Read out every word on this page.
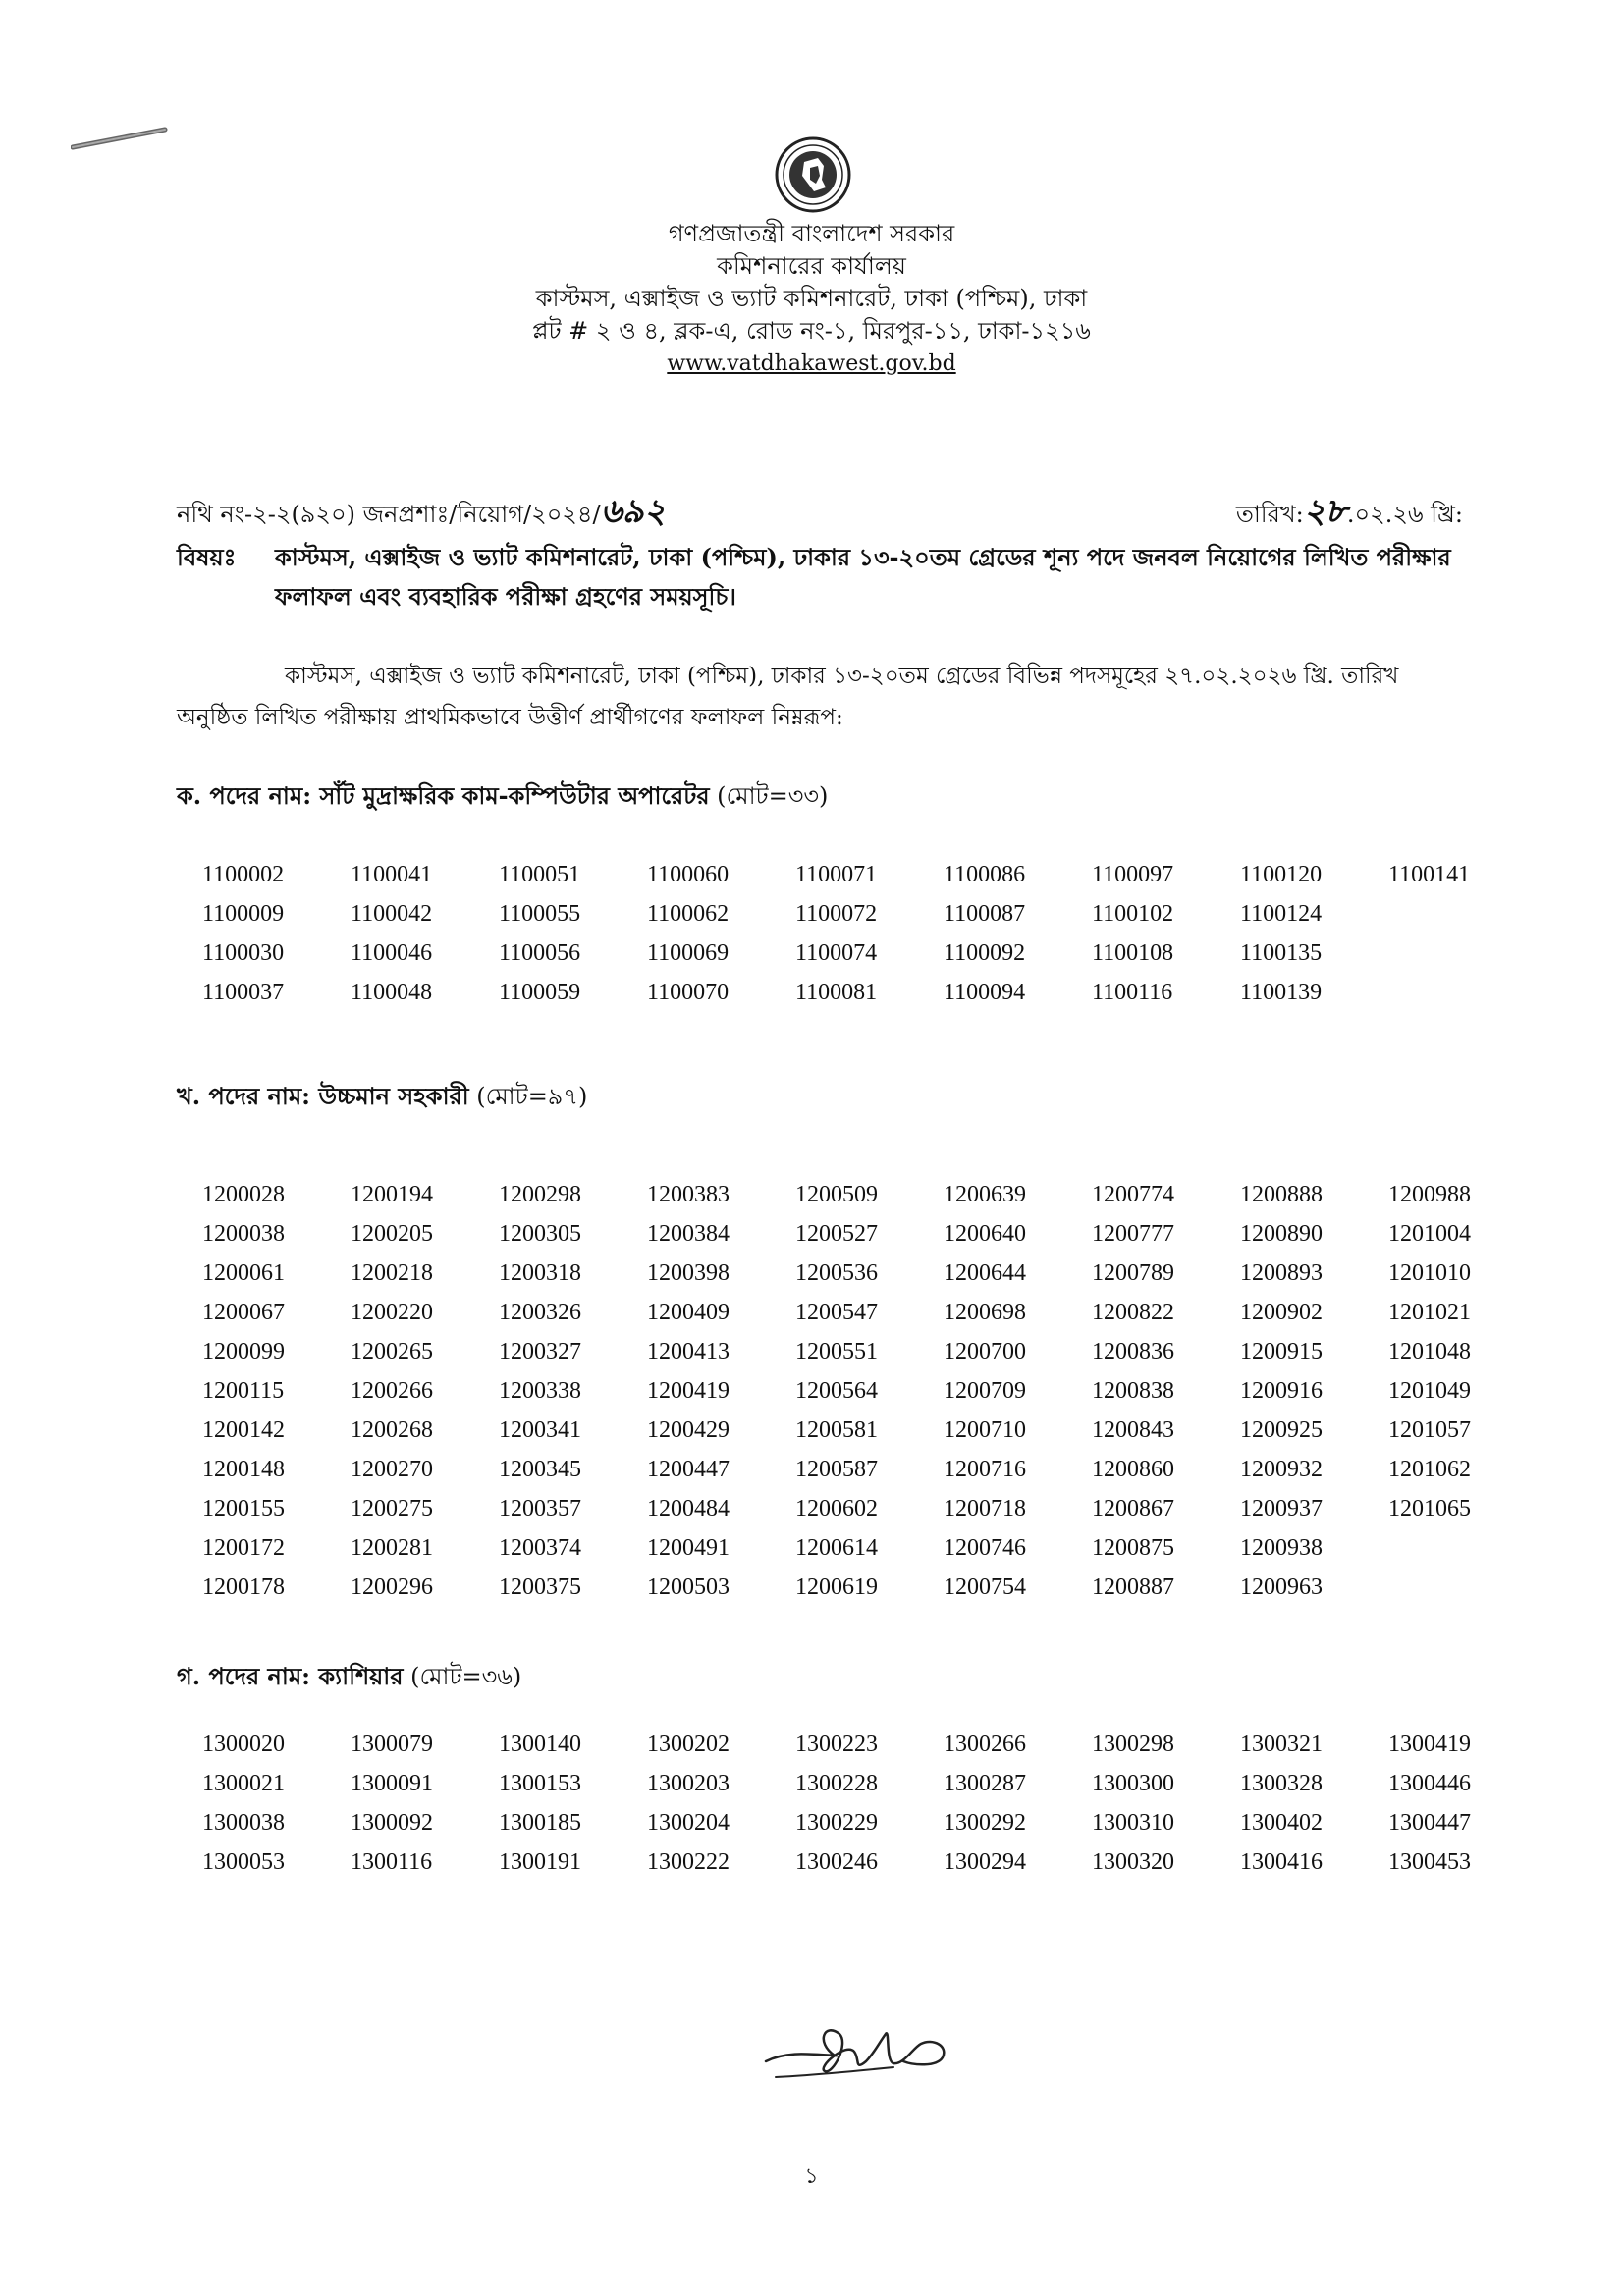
গণপ্রজাতন্ত্রী বাংলাদেশ সরকার
কমিশনারের কার্যালয়
কাস্টমস, এক্সাইজ ও ভ্যাট কমিশনারেট, ঢাকা (পশ্চিম), ঢাকা
প্লট # ২ ও ৪, ব্লক-এ, রোড নং-১, মিরপুর-১১, ঢাকা-১২১৬
www.vatdhakawest.gov.bd
নথি নং-২-২(৯২০) জনপ্রশাঃ/নিয়োগ/২০২৪/৬৯২	তারিখ:২৮.০২.২৬ খ্রি:
বিষয়ঃ কাস্টমস, এক্সাইজ ও ভ্যাট কমিশনারেট, ঢাকা (পশ্চিম), ঢাকার ১৩-২০তম গ্রেডের শূন্য পদে জনবল নিয়োগের লিখিত পরীক্ষার ফলাফল এবং ব্যবহারিক পরীক্ষা গ্রহণের সময়সূচি।
কাস্টমস, এক্সাইজ ও ভ্যাট কমিশনারেট, ঢাকা (পশ্চিম), ঢাকার ১৩-২০তম গ্রেডের বিভিন্ন পদসমূহের ২৭.০২.২০২৬ খ্রি. তারিখ অনুষ্ঠিত লিখিত পরীক্ষায় প্রাথমিকভাবে উত্তীর্ণ প্রার্থীগণের ফলাফল নিম্নরূপ:
ক. পদের নাম: সাঁট মুদ্রাক্ষরিক কাম-কম্পিউটার অপারেটর (মোট=৩৩)
1100002
1100009
1100030
1100037
1100041
1100042
1100046
1100048
1100051
1100055
1100056
1100059
1100060
1100062
1100069
1100070
1100071
1100072
1100074
1100081
1100086
1100087
1100092
1100094
1100097
1100102
1100108
1100116
1100120
1100124
1100135
1100139
1100141
খ. পদের নাম: উচ্চমান সহকারী (মোট=৯৭)
1200028
1200038
1200061
1200067
1200099
1200115
1200142
1200148
1200155
1200172
1200178
1200194
1200205
1200218
1200220
1200265
1200266
1200268
1200270
1200275
1200281
1200296
1200298
1200305
1200318
1200326
1200327
1200338
1200341
1200345
1200357
1200374
1200375
1200383
1200384
1200398
1200409
1200413
1200419
1200429
1200447
1200484
1200491
1200503
1200509
1200527
1200536
1200547
1200551
1200564
1200581
1200587
1200602
1200614
1200619
1200639
1200640
1200644
1200698
1200700
1200709
1200710
1200716
1200718
1200746
1200754
1200774
1200777
1200789
1200822
1200836
1200838
1200843
1200860
1200867
1200875
1200887
1200888
1200890
1200893
1200902
1200915
1200916
1200925
1200932
1200937
1200938
1200963
1200988
1201004
1201010
1201021
1201048
1201049
1201057
1201062
1201065
গ. পদের নাম: ক্যাশিয়ার (মোট=৩৬)
1300020
1300021
1300038
1300053
1300079
1300091
1300092
1300116
1300140
1300153
1300185
1300191
1300202
1300203
1300204
1300222
1300223
1300228
1300229
1300246
1300266
1300287
1300292
1300294
1300298
1300300
1300310
1300320
1300321
1300328
1300402
1300416
1300419
1300446
1300447
1300453
১
